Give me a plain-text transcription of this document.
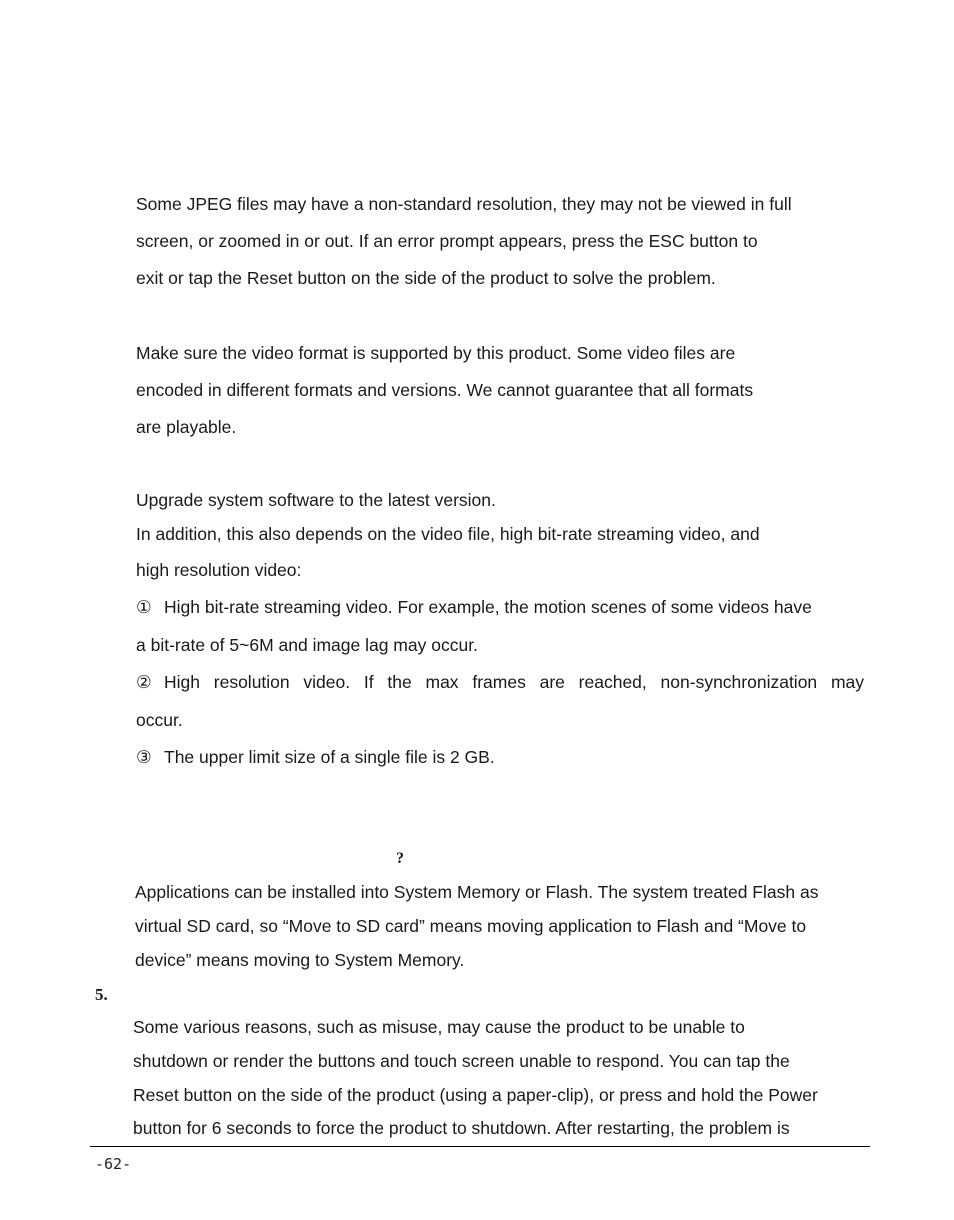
Some JPEG files may have a non-standard resolution, they may not be viewed in full

screen, or zoomed in or out. If an error prompt appears, press the ESC button to

exit or tap the Reset button on the side of the product to solve the problem.

Make sure the video format is supported by this product. Some video files are

encoded in different formats and versions. We cannot guarantee that all formats

are playable.

Upgrade system software to the latest version.

In addition, this also depends on the video file, high bit-rate streaming video, and

high resolution video:

① High bit-rate streaming video. For example, the motion scenes of some videos have

a bit-rate of 5~6M and image lag may occur.

② High resolution video. If the max frames are reached, non-synchronization may

occur.

③ The upper limit size of a single file is 2 GB.

?

Applications can be installed into System Memory or Flash. The system treated Flash as

virtual SD card, so “Move to SD card” means moving application to Flash and “Move to

device” means moving to System Memory.

5.

Some various reasons, such as misuse, may cause the product to be unable to

shutdown or render the buttons and touch screen unable to respond. You can tap the

Reset button on the side of the product (using a paper-clip), or press and hold the Power

button for 6 seconds to force the product to shutdown. After restarting, the problem is

-62-
